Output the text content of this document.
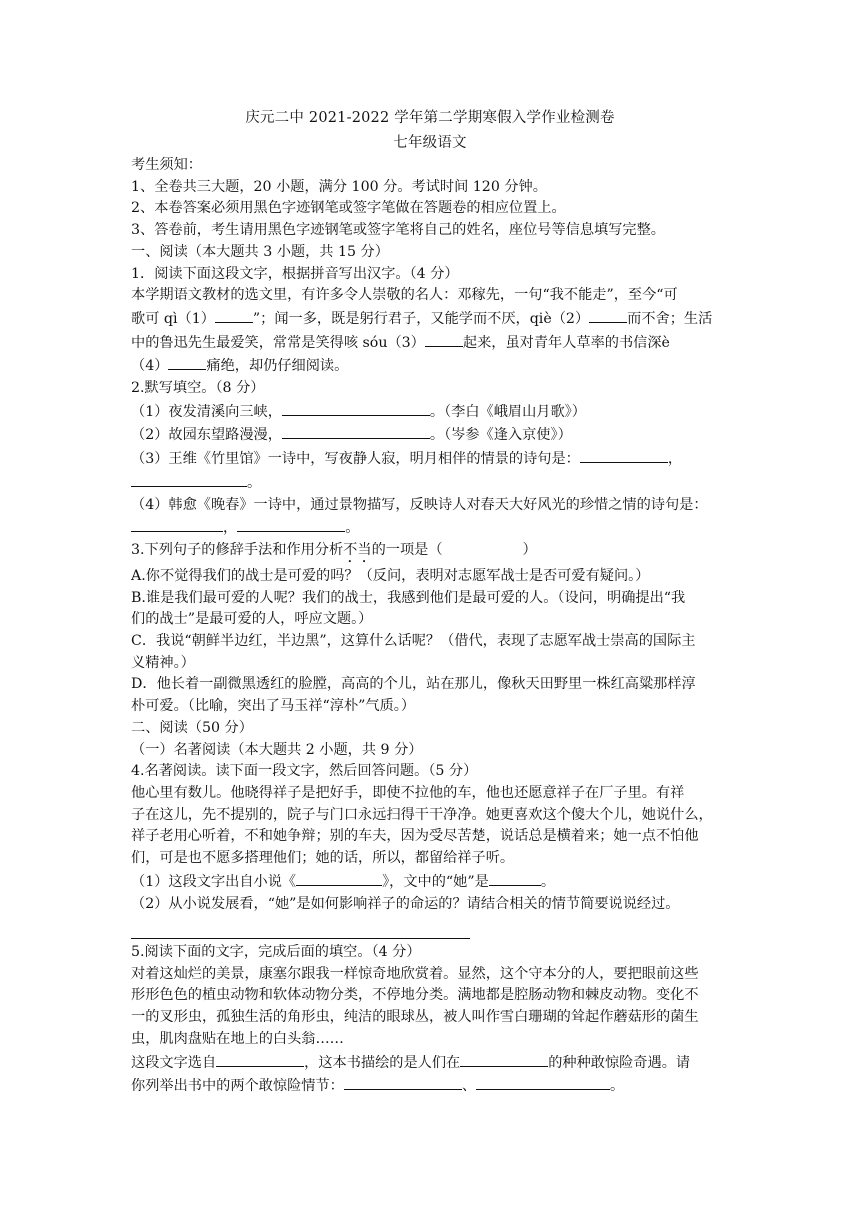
庆元二中 2021-2022 学年第二学期寒假入学作业检测卷
七年级语文

考生须知：

1、全卷共三大题，20 小题，满分 100 分。考试时间 120 分钟。

2、本卷答案必须用黑色字迹钢笔或签字笔做在答题卷的相应位置上。

3、答卷前，考生请用黑色字迹钢笔或签字笔将自己的姓名，座位号等信息填写完整。

一、阅读（本大题共 3 小题，共 15 分）

1．阅读下面这段文字，根据拼音写出汉字。（4 分）

本学期语文教材的选文里，有许多令人崇敬的名人：邓稼先，一句“我不能走”，至今“可

歌可 qì（1）	”；闻一多，既是躬行君子，又能学而不厌，qiè（2）	而不舍；生活

中的鲁迅先生最爱笑，常常是笑得咳 sóu（3）	起来，虽对青年人草率的书信深è

（4）	痛绝，却仍仔细阅读。

2.默写填空。（8 分）

（1）夜发清溪向三峡，	。（李白《峨眉山月歌》）

（2）故园东望路漫漫，	。（岑参《逢入京使》）

（3）王维《竹里馆》一诗中，写夜静人寂，明月相伴的情景的诗句是：	，

。

（4）韩愈《晚春》一诗中，通过景物描写，反映诗人对春天大好风光的珍惜之情的诗句是：

，	。

3.下列句子的修辞手法和作用分析不当的一项是（	）

A.你不觉得我们的战士是可爱的吗？（反问，表明对志愿军战士是否可爱有疑问。）

B.谁是我们最可爱的人呢？我们的战士，我感到他们是最可爱的人。（设问，明确提出“我

们的战士”是最可爱的人，呼应文题。）

C．我说“朝鲜半边红，半边黑”，这算什么话呢？（借代，表现了志愿军战士崇高的国际主

义精神。）

D．他长着一副微黑透红的脸膛，高高的个儿，站在那儿，像秋天田野里一株红高粱那样淳

朴可爱。（比喻，突出了马玉祥“淳朴”气质。）

二、阅读（50 分）

（一）名著阅读（本大题共 2 小题，共 9 分）

4.名著阅读。读下面一段文字，然后回答问题。（5 分）

他心里有数儿。他晓得祥子是把好手，即使不拉他的车，他也还愿意祥子在厂子里。有祥

子在这儿，先不提别的，院子与门口永远扫得干干净净。她更喜欢这个傻大个儿，她说什么，

祥子老用心听着，不和她争辩；别的车夫，因为受尽苦楚，说话总是横着来；她一点不怕他

们，可是也不愿多搭理他们；她的话，所以，都留给祥子听。

（1）这段文字出自小说《	》，文中的“她”是	。

（2）从小说发展看，“她”是如何影响祥子的命运的？请结合相关的情节简要说说经过。

5.阅读下面的文字，完成后面的填空。（4 分）

对着这灿烂的美景，康塞尔跟我一样惊奇地欣赏着。显然，这个守本分的人，要把眼前这些

形形色色的植虫动物和软体动物分类，不停地分类。满地都是腔肠动物和棘皮动物。变化不

一的叉形虫，孤独生活的角形虫，纯洁的眼球丛，被人叫作雪白珊瑚的耸起作蘑菇形的菌生

虫，肌肉盘贴在地上的白头翁……

这段文字选自	，这本书描绘的是人们在	的种种敢惊险奇遇。请

你列举出书中的两个敢惊险情节：	、	。
